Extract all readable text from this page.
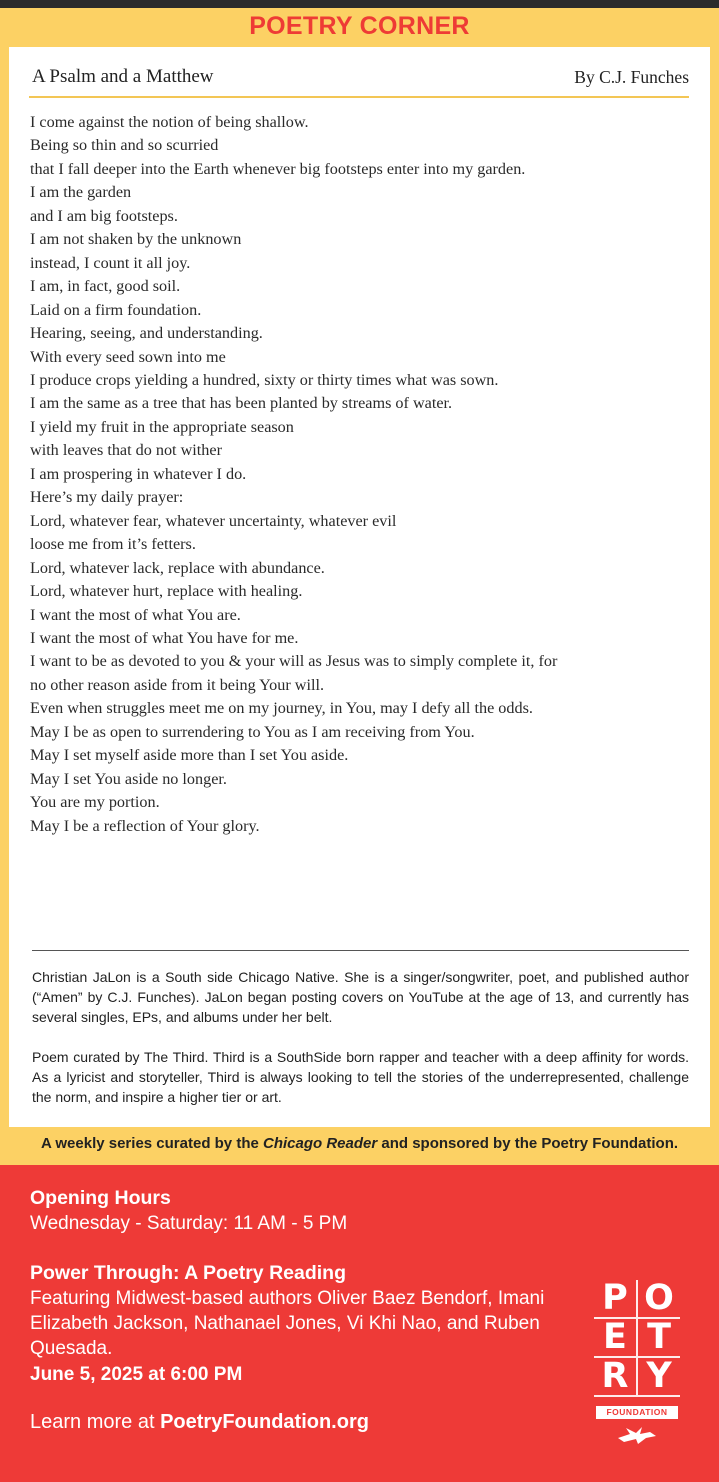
POETRY CORNER
A Psalm and a Matthew	By C.J. Funches
I come against the notion of being shallow.
Being so thin and so scurried
that I fall deeper into the Earth whenever big footsteps enter into my garden.
I am the garden
and I am big footsteps.
I am not shaken by the unknown
instead, I count it all joy.
I am, in fact, good soil.
Laid on a firm foundation.
Hearing, seeing, and understanding.
With every seed sown into me
I produce crops yielding a hundred, sixty or thirty times what was sown.
I am the same as a tree that has been planted by streams of water.
I yield my fruit in the appropriate season
with leaves that do not wither
I am prospering in whatever I do.
Here’s my daily prayer:
Lord, whatever fear, whatever uncertainty, whatever evil
loose me from it’s fetters.
Lord, whatever lack, replace with abundance.
Lord, whatever hurt, replace with healing.
I want the most of what You are.
I want the most of what You have for me.
I want to be as devoted to you & your will as Jesus was to simply complete it, for
no other reason aside from it being Your will.
Even when struggles meet me on my journey, in You, may I defy all the odds.
May I be as open to surrendering to You as I am receiving from You.
May I set myself aside more than I set You aside.
May I set You aside no longer.
You are my portion.
May I be a reflection of Your glory.
Christian JaLon is a South side Chicago Native. She is a singer/songwriter, poet, and published author (“Amen” by C.J. Funches). JaLon began posting covers on YouTube at the age of 13, and currently has several singles, EPs, and albums under her belt.
Poem curated by The Third. Third is a SouthSide born rapper and teacher with a deep affinity for words. As a lyricist and storyteller, Third is always looking to tell the stories of the underrepresented, challenge the norm, and inspire a higher tier or art.
A weekly series curated by the Chicago Reader and sponsored by the Poetry Foundation.
Opening Hours
Wednesday - Saturday: 11 AM - 5 PM
Power Through: A Poetry Reading
Featuring Midwest-based authors Oliver Baez Bendorf, Imani Elizabeth Jackson, Nathanael Jones, Vi Khi Nao, and Ruben Quesada.
June 5, 2025 at 6:00 PM
Learn more at PoetryFoundation.org
P O
E T
R Y
FOUNDATION
